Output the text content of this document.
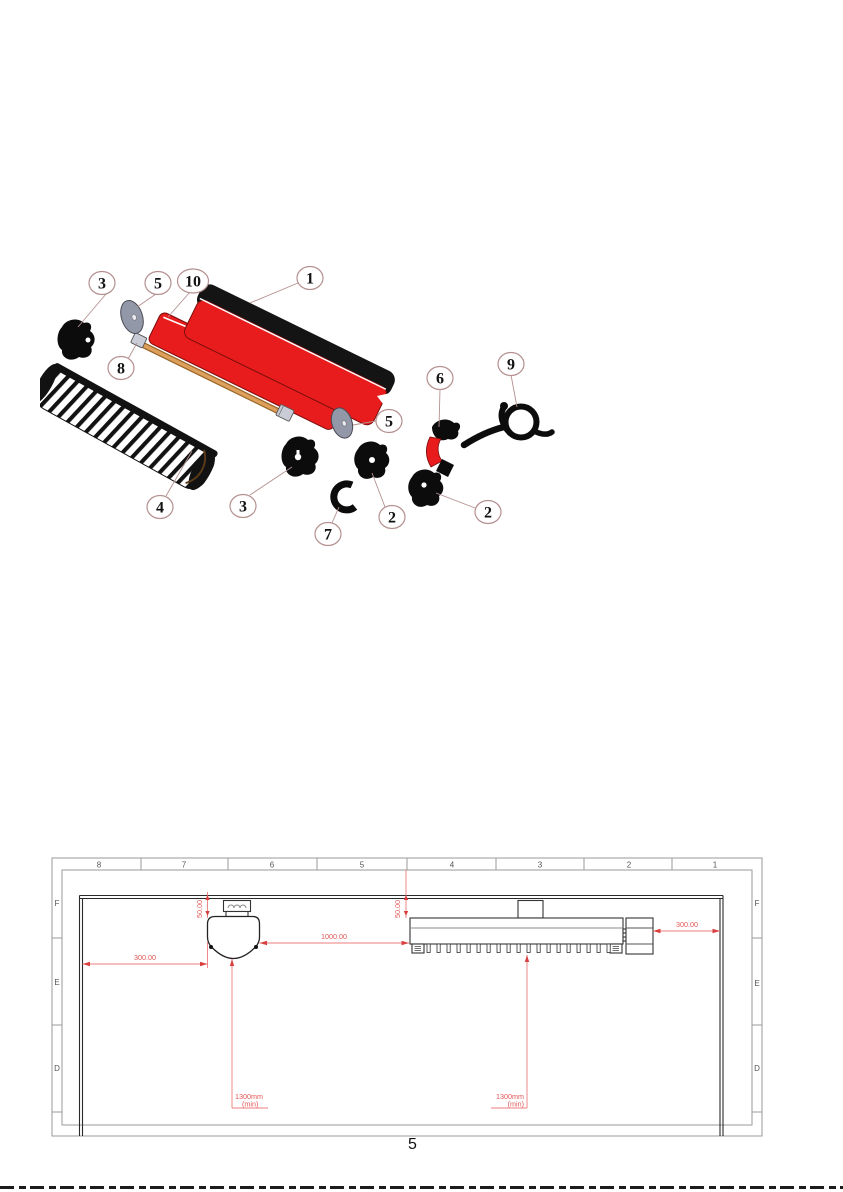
3	5 10	1
8
4	3
7
2
5
6
9
2
8	7	6	5	4	3	2	1
F
E
D
F
E
D
50.00
300.00
1000.00
50.00
300.00
1300mm
(min)
1300mm
(min)
5
